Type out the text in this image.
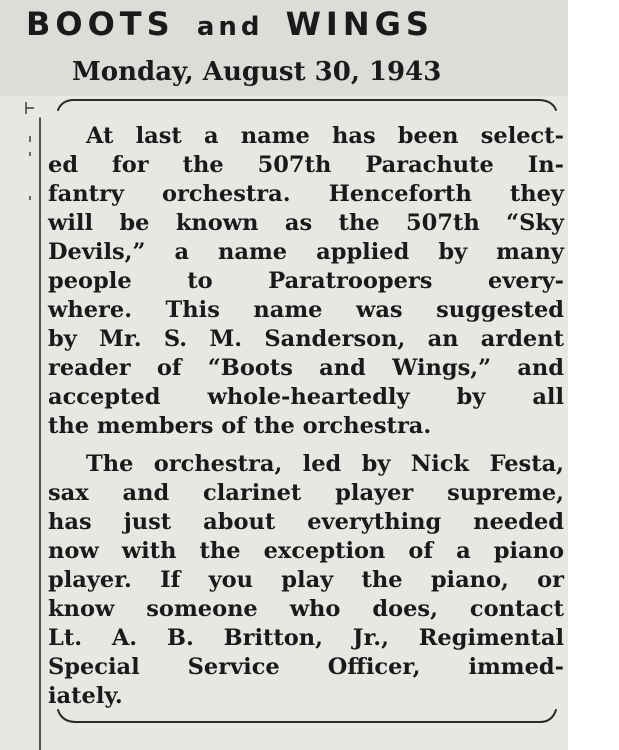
BOOTS and WINGS

Monday, August 30, 1943

At last a name has been select-
ed for the 507th Parachute In-
fantry orchestra. Henceforth they
will be known as the 507th “Sky
Devils,” a name applied by many
people to Paratroopers every-
where. This name was suggested
by Mr. S. M. Sanderson, an ardent
reader of “Boots and Wings,” and
accepted whole-heartedly by all
the members of the orchestra.
The orchestra, led by Nick Festa,
sax and clarinet player supreme,
has just about everything needed
now with the exception of a piano
player. If you play the piano, or
know someone who does, contact
Lt. A. B. Britton, Jr., Regimental
Special Service Officer, immed-
iately.
